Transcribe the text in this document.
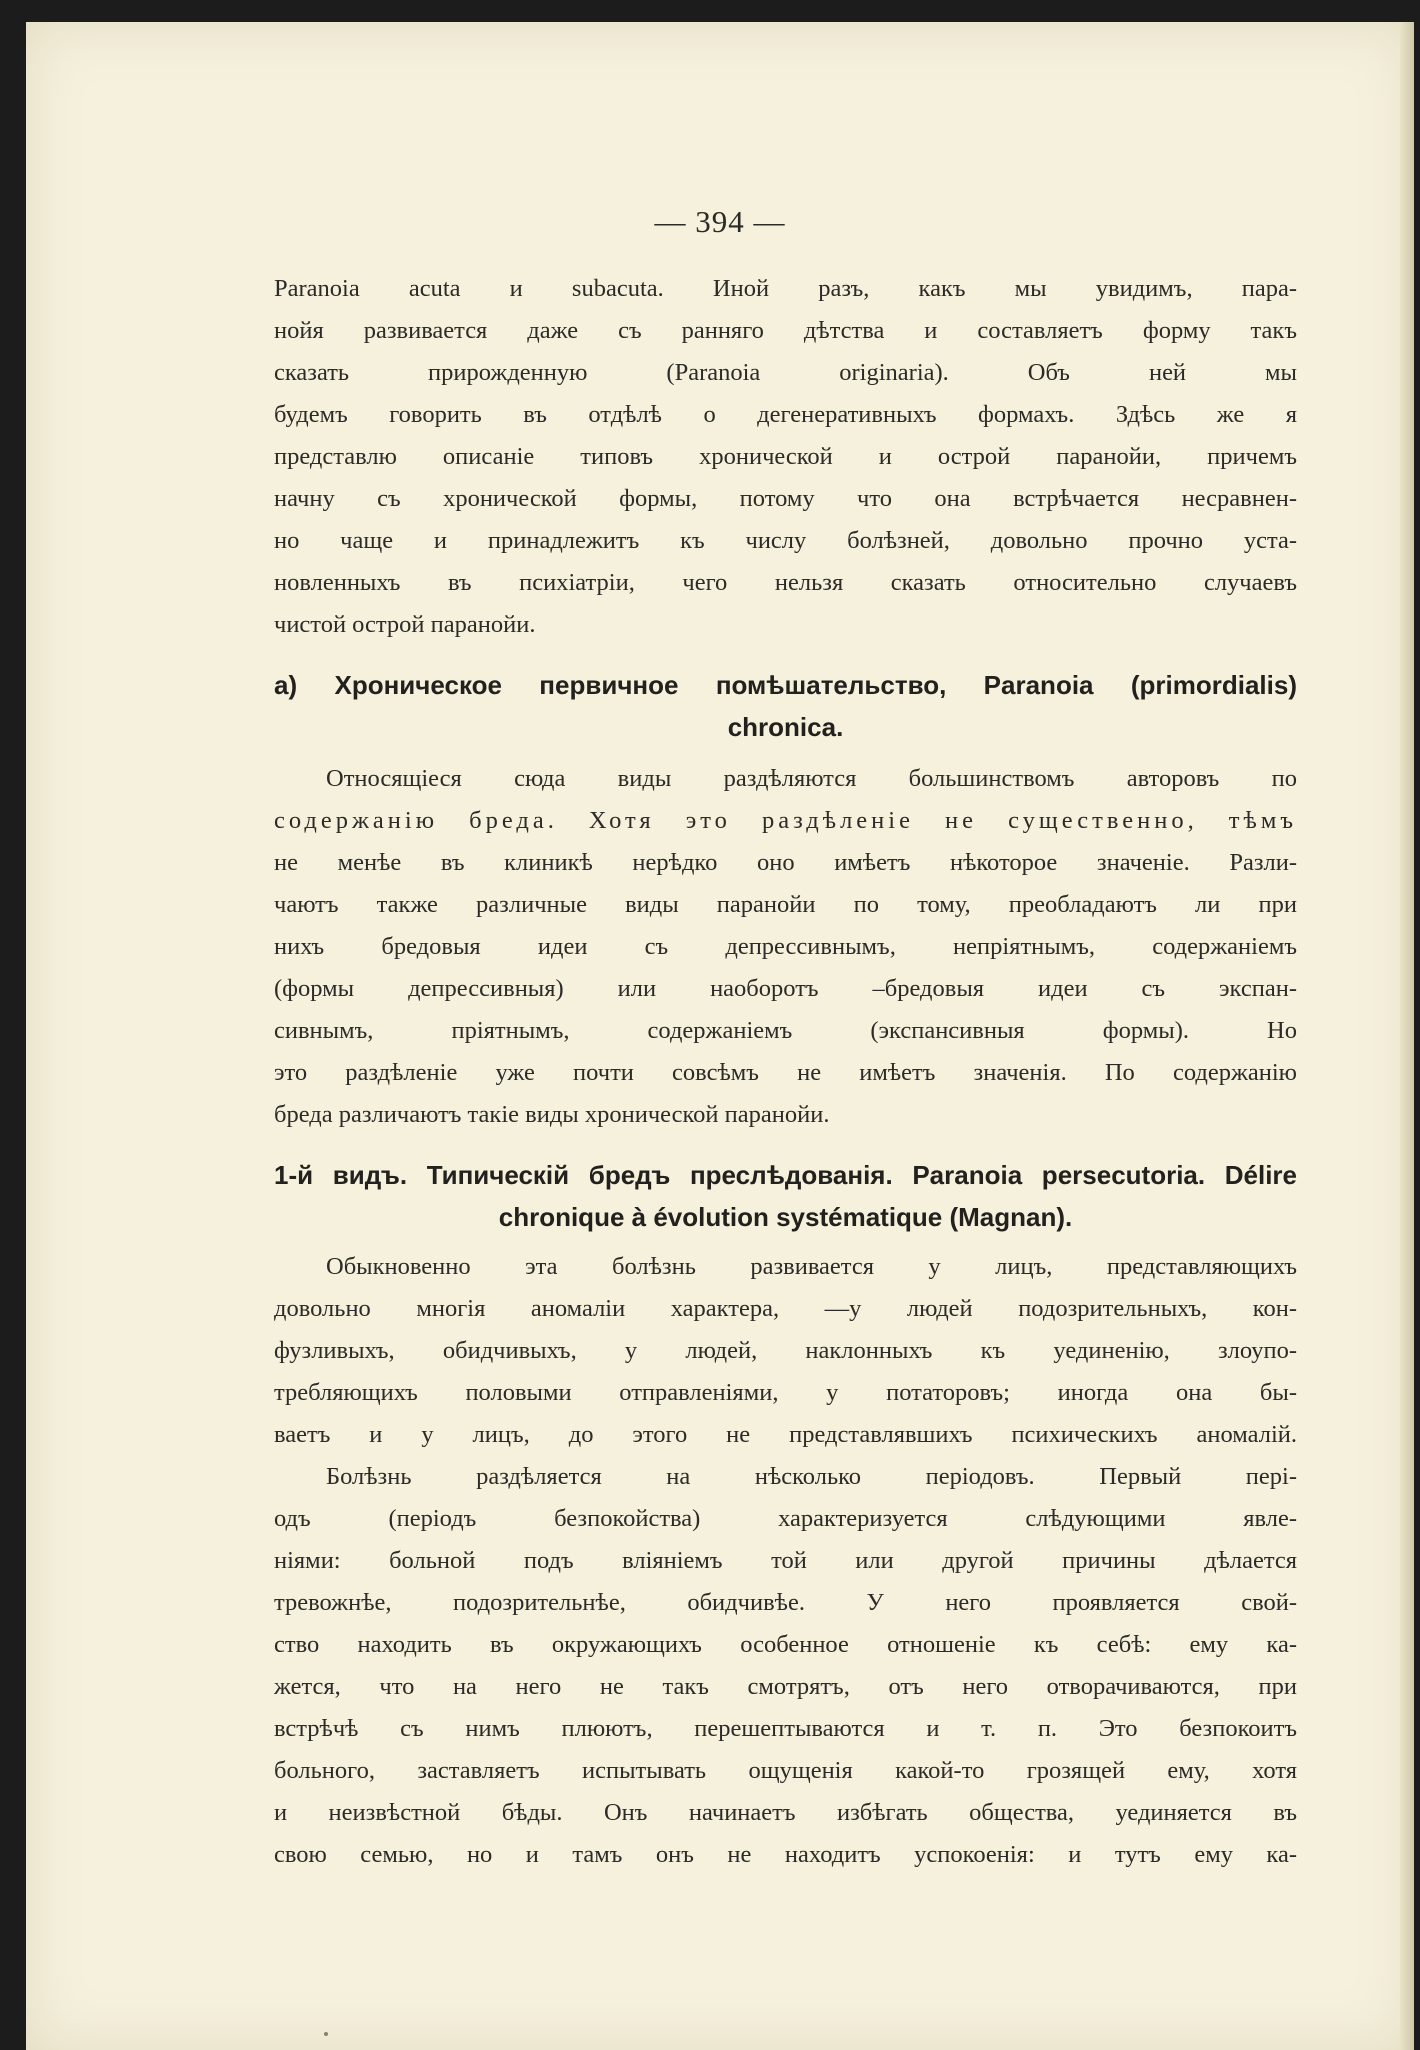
— 394 —
Paranoia acuta и subacuta. Иной разъ, какъ мы увидимъ, пара-
нойя развивается даже съ ранняго дѣтства и составляетъ форму такъ
сказать прирожденную (Paranoia originaria). Объ ней мы
будемъ говорить въ отдѣлѣ о дегенеративныхъ формахъ. Здѣсь же я
представлю описаніе типовъ хронической и острой паранойи, причемъ
начну съ хронической формы, потому что она встрѣчается несравнен-
но чаще и принадлежитъ къ числу болѣзней, довольно прочно уста-
новленныхъ въ психіатріи, чего нельзя сказать относительно случаевъ
чистой острой паранойи.
a) Хроническое первичное помѣшательство, Paranoia (primordialis)
chronica.
Относящіеся сюда виды раздѣляются большинствомъ авторовъ по
содержанію бреда. Хотя это раздѣленіе не существенно, тѣмъ
не менѣе въ клиникѣ нерѣдко оно имѣетъ нѣкоторое значеніе. Разли-
чаютъ также различные виды паранойи по тому, преобладаютъ ли при
нихъ бредовыя идеи съ депрессивнымъ, непріятнымъ, содержаніемъ
(формы депрессивныя) или наоборотъ –бредовыя идеи съ экспан-
сивнымъ, пріятнымъ, содержаніемъ (экспансивныя формы). Но
это раздѣленіе уже почти совсѣмъ не имѣетъ значенія. По содержанію
бреда различаютъ такіе виды хронической паранойи.
1-й видъ. Типическій бредъ преслѣдованія. Paranoia persecutoria. Délire
chronique à évolution systématique (Magnan).
Обыкновенно эта болѣзнь развивается у лицъ, представляющихъ
довольно многія аномаліи характера, —у людей подозрительныхъ, кон-
фузливыхъ, обидчивыхъ, у людей, наклонныхъ къ уединенію, злоупо-
требляющихъ половыми отправленіями, у потаторовъ; иногда она бы-
ваетъ и у лицъ, до этого не представлявшихъ психическихъ аномалій.
Болѣзнь раздѣляется на нѣсколько періодовъ. Первый пері-
одъ (періодъ безпокойства) характеризуется слѣдующими явле-
ніями: больной подъ вліяніемъ той или другой причины дѣлается
тревожнѣе, подозрительнѣе, обидчивѣе. У него проявляется свой-
ство находить въ окружающихъ особенное отношеніе къ себѣ: ему ка-
жется, что на него не такъ смотрятъ, отъ него отворачиваются, при
встрѣчѣ съ нимъ плюютъ, перешептываются и т. п. Это безпокоитъ
больного, заставляетъ испытывать ощущенія какой-то грозящей ему, хотя
и неизвѣстной бѣды. Онъ начинаетъ избѣгать общества, уединяется въ
свою семью, но и тамъ онъ не находитъ успокоенія: и тутъ ему ка-
